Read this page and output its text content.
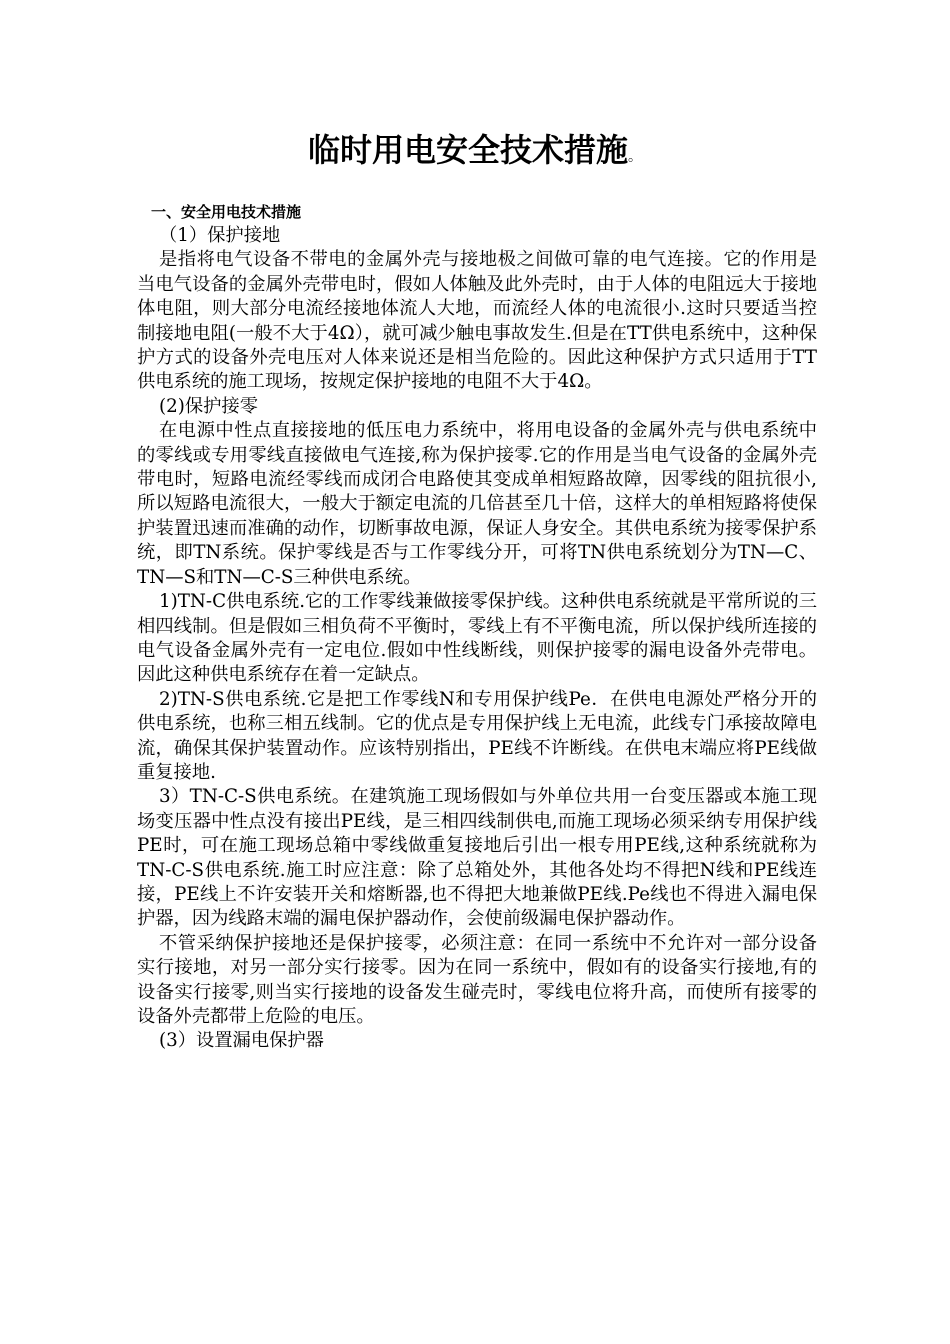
临时用电安全技术措施。
一、安全用电技术措施

（1）保护接地

是指将电气设备不带电的金属外壳与接地极之间做可靠的电气连接。它的作用是当电气设备的金属外壳带电时，假如人体触及此外壳时，由于人体的电阻远大于接地体电阻，则大部分电流经接地体流人大地，而流经人体的电流很小.这时只要适当控制接地电阻(一般不大于4Ω），就可减少触电事故发生.但是在TT供电系统中，这种保护方式的设备外壳电压对人体来说还是相当危险的。因此这种保护方式只适用于TT供电系统的施工现场，按规定保护接地的电阻不大于4Ω。

(2)保护接零

在电源中性点直接接地的低压电力系统中，将用电设备的金属外壳与供电系统中的零线或专用零线直接做电气连接,称为保护接零.它的作用是当电气设备的金属外壳带电时，短路电流经零线而成闭合电路使其变成单相短路故障，因零线的阻抗很小,所以短路电流很大，一般大于额定电流的几倍甚至几十倍，这样大的单相短路将使保护装置迅速而准确的动作，切断事故电源，保证人身安全。其供电系统为接零保护系统，即TN系统。保护零线是否与工作零线分开，可将TN供电系统划分为TN—C、TN—S和TN—C-S三种供电系统。

1)TN-C供电系统.它的工作零线兼做接零保护线。这种供电系统就是平常所说的三相四线制。但是假如三相负荷不平衡时，零线上有不平衡电流，所以保护线所连接的电气设备金属外壳有一定电位.假如中性线断线，则保护接零的漏电设备外壳带电。因此这种供电系统存在着一定缺点。

2)TN-S供电系统.它是把工作零线N和专用保护线Pe．在供电电源处严格分开的供电系统，也称三相五线制。它的优点是专用保护线上无电流，此线专门承接故障电流，确保其保护装置动作。应该特别指出，PE线不许断线。在供电末端应将PE线做重复接地.

3）TN-C-S供电系统。在建筑施工现场假如与外单位共用一台变压器或本施工现场变压器中性点没有接出PE线，是三相四线制供电,而施工现场必须采纳专用保护线PE时，可在施工现场总箱中零线做重复接地后引出一根专用PE线,这种系统就称为TN-C-S供电系统.施工时应注意：除了总箱处外，其他各处均不得把N线和PE线连接，PE线上不许安装开关和熔断器,也不得把大地兼做PE线.Pe线也不得进入漏电保护器，因为线路末端的漏电保护器动作，会使前级漏电保护器动作。

不管采纳保护接地还是保护接零，必须注意：在同一系统中不允许对一部分设备实行接地，对另一部分实行接零。因为在同一系统中，假如有的设备实行接地,有的设备实行接零,则当实行接地的设备发生碰壳时，零线电位将升高，而使所有接零的设备外壳都带上危险的电压。

(3）设置漏电保护器
